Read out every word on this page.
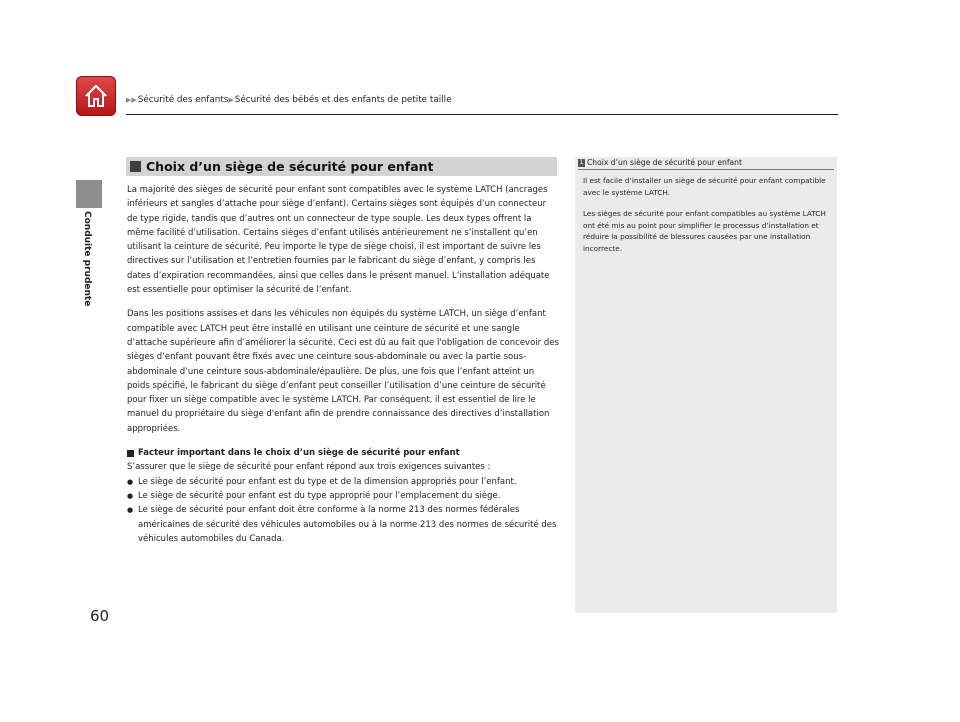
▶▶Sécurité des enfants▶Sécurité des bébés et des enfants de petite taille
Conduite prudente
Choix d’un siège de sécurité pour enfant

La majorité des sièges de sécurité pour enfant sont compatibles avec le système LATCH (ancrages inférieurs et sangles d’attache pour siège d’enfant). Certains sièges sont équipés d’un connecteur de type rigide, tandis que d’autres ont un connecteur de type souple. Les deux types offrent la même facilité d’utilisation. Certains sièges d’enfant utilisés antérieurement ne s’installent qu’en utilisant la ceinture de sécurité. Peu importe le type de siège choisi, il est important de suivre les directives sur l’utilisation et l’entretien fournies par le fabricant du siège d’enfant, y compris les dates d’expiration recommandées, ainsi que celles dans le présent manuel. L’installation adéquate est essentielle pour optimiser la sécurité de l’enfant.

Dans les positions assises et dans les véhicules non équipés du système LATCH, un siège d’enfant compatible avec LATCH peut être installé en utilisant une ceinture de sécurité et une sangle d’attache supérieure afin d’améliorer la sécurité. Ceci est dû au fait que l'obligation de concevoir des sièges d’enfant pouvant être fixés avec une ceinture sous-abdominale ou avec la partie sous-abdominale d’une ceinture sous-abdominale/épaulière. De plus, une fois que l’enfant atteint un poids spécifié, le fabricant du siège d’enfant peut conseiller l’utilisation d’une ceinture de sécurité pour fixer un siège compatible avec le système LATCH. Par conséquent, il est essentiel de lire le manuel du propriétaire du siège d'enfant afin de prendre connaissance des directives d’installation appropriées.

Facteur important dans le choix d’un siège de sécurité pour enfant
S’assurer que le siège de sécurité pour enfant répond aux trois exigences suivantes :
● Le siège de sécurité pour enfant est du type et de la dimension appropriés pour l’enfant.
● Le siège de sécurité pour enfant est du type approprié pour l’emplacement du siège.
● Le siège de sécurité pour enfant doit être conforme à la norme 213 des normes fédérales américaines de sécurité des véhicules automobiles ou à la norme 213 des normes de sécurité des véhicules automobiles du Canada.
1 Choix d’un siège de sécurité pour enfant

Il est facile d’installer un siège de sécurité pour enfant compatible avec le système LATCH.

Les sièges de sécurité pour enfant compatibles au système LATCH ont été mis au point pour simplifier le processus d’installation et réduire la possibilité de blessures causées par une installation incorrecte.

60
